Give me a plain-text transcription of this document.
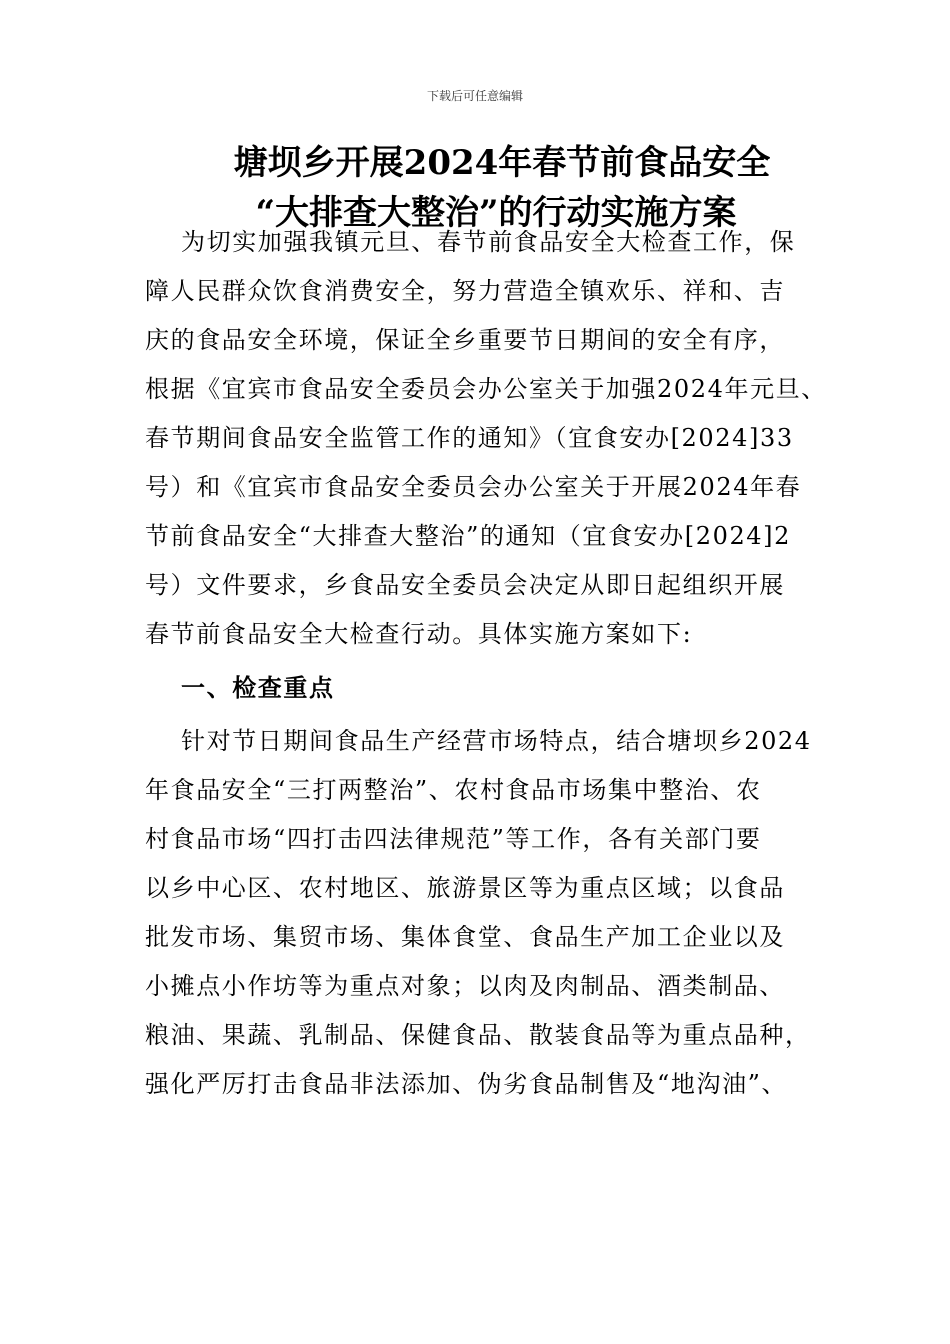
下载后可任意编辑
塘坝乡开展2024年春节前食品安全
“大排查大整治”的行动实施方案
为切实加强我镇元旦、春节前食品安全大检查工作，保
障人民群众饮食消费安全，努力营造全镇欢乐、祥和、吉
庆的食品安全环境，保证全乡重要节日期间的安全有序，
根据《宜宾市食品安全委员会办公室关于加强2024年元旦、
春节期间食品安全监管工作的通知》（宜食安办[2024]33
号）和《宜宾市食品安全委员会办公室关于开展2024年春
节前食品安全“大排查大整治”的通知（宜食安办[2024]2
号）文件要求，乡食品安全委员会决定从即日起组织开展
春节前食品安全大检查行动。具体实施方案如下:
一、检查重点
针对节日期间食品生产经营市场特点，结合塘坝乡2024
年食品安全“三打两整治”、农村食品市场集中整治、农
村食品市场“四打击四法律规范”等工作，各有关部门要
以乡中心区、农村地区、旅游景区等为重点区域；以食品
批发市场、集贸市场、集体食堂、食品生产加工企业以及
小摊点小作坊等为重点对象；以肉及肉制品、酒类制品、
粮油、果蔬、乳制品、保健食品、散装食品等为重点品种，
强化严厉打击食品非法添加、伪劣食品制售及“地沟油”、
